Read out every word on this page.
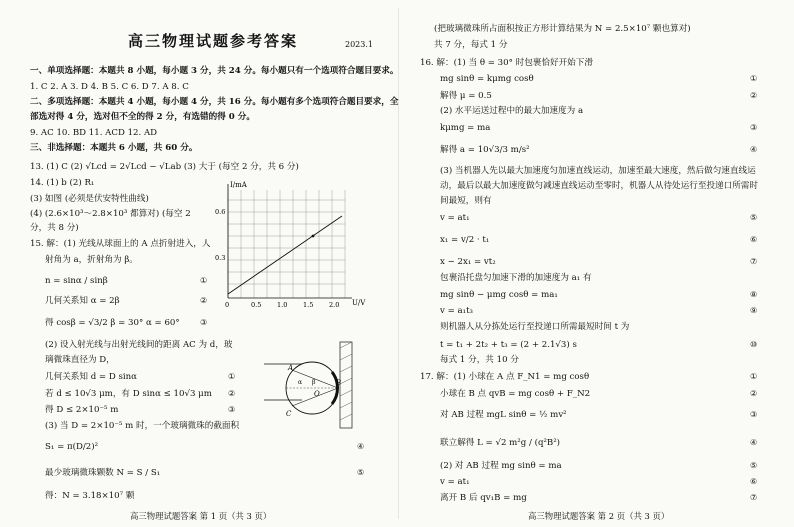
高三物理试题参考答案	2023.1
一、单项选择题：本题共 8 小题，每小题 3 分，共 24 分。每小题只有一个选项符合题目要求。
1. C 2. A 3. D 4. B 5. C 6. D 7. A 8. C
二、多项选择题：本题共 4 小题，每小题 4 分，共 16 分。每小题有多个选项符合题目要求，全
部选对得 4 分，选对但不全的得 2 分，有选错的得 0 分。
9. AC 10. BD 11. ACD 12. AD
三、非选择题：本题共 6 小题，共 60 分。
13. (1) C (2) √Lcd = 2√Lcd − √Lab (3) 大于 (每空 2 分，共 6 分)
14. (1) b (2) R₁
(3) 如图 (必须是伏安特性曲线)
(4) (2.6×10³～2.8×10³ 都算对) (每空 2
分，共 8 分)
15. 解：(1) 光线从球面上的 A 点折射进入，人
射角为 a，折射角为 β。
n = sinα / sinβ
几何关系知 α = 2β
得 cosβ = √3/2 β = 30° α = 60°
(2) 设入射光线与出射光线间的距离 AC 为 d，玻
璃微珠直径为 D，
几何关系知 d = D sinα
若 d ≤ 10√3 μm，有 D sinα ≤ 10√3 μm
得 D ≤ 2×10⁻⁵ m
(3) 当 D = 2×10⁻⁵ m 时，一个玻璃微珠的截面积
S₁ = π(D/2)²
最少玻璃微珠颗数 N = S / S₁
得：N = 3.18×10⁷ 颗
高三物理试题答案 第 1 页（共 3 页）
①
②
③
①
②
③
④
⑤
I/mA
U/V
0.6
0.3
0	0.5 1.0 1.5 2.0
A
B
C
O
α β
(把玻璃微珠所占面积按正方形计算结果为 N = 2.5×10⁷ 颗也算对)
共 7 分，每式 1 分
16. 解：(1) 当 θ = 30° 时包裹恰好开始下滑
mg sinθ = kμmg cosθ
解得 μ = 0.5
(2) 水平运送过程中的最大加速度为 a
kμmg = ma
解得 a = 10√3/3 m/s²
(3) 当机器人先以最大加速度匀加速直线运动，加速至最大速度，然后做匀速直线运
动，最后以最大加速度做匀减速直线运动至零时，机器人从待处运行至投递口所需时
间最短，则有
v = at₁
x₁ = v/2 · t₁
x − 2x₁ = vt₂
包裹沿托盘匀加速下滑的加速度为 a₁ 有
mg sinθ − μmg cosθ = ma₁
v = a₁t₃
则机器人从分拣处运行至投递口所需最短时间 t 为
t = t₁ + 2t₂ + t₃ = (2 + 2.1√3) s
每式 1 分，共 10 分
17. 解：(1) 小球在 A 点 F_N1 = mg cosθ
小球在 B 点 qvB = mg cosθ + F_N2
对 AB 过程 mgL sinθ = ½ mv²
联立解得 L = √2 m²g / (q²B²)
(2) 对 AB 过程 mg sinθ = ma
v = at₁
离开 B 后 qv₁B = mg
高三物理试题答案 第 2 页（共 3 页）
①
②
③
④
⑤
⑥
⑦
⑧
⑨
⑩
①
②
③
④
⑤
⑥
⑦
